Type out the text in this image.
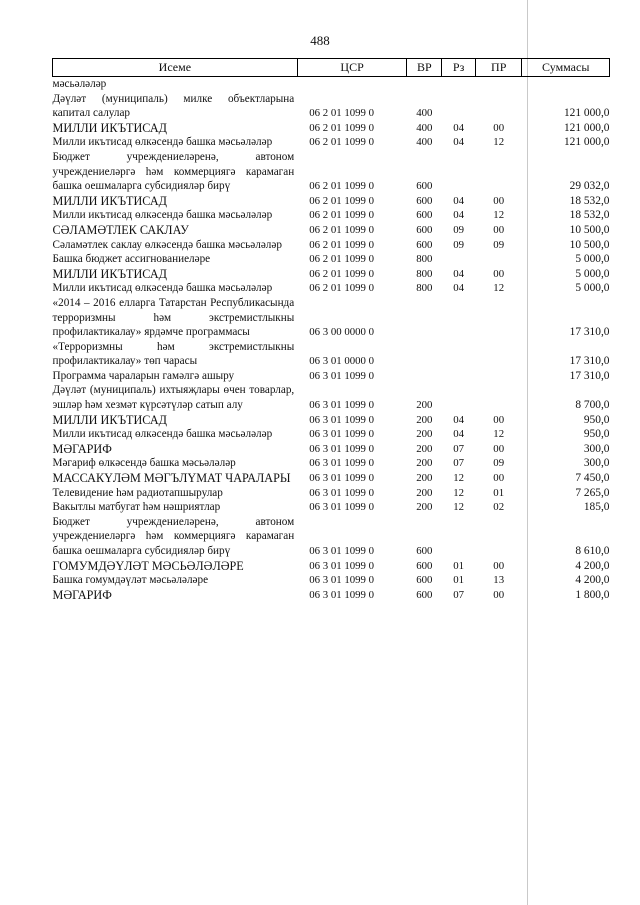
488
Исеме	ЦСР	ВР	Рз	ПР	Суммасы
мәсьәләләр					
Дәүләт (муниципаль) милке объектларына капитал салулар	06 2 01 1099 0	400			121 000,0
МИЛЛИ ИКЪТИСАД	06 2 01 1099 0	400	04	00	121 000,0
Милли икътисад өлкәсендә башка мәсьәләләр	06 2 01 1099 0	400	04	12	121 000,0
Бюджет учреждениеләренә, автоном учреждениеләргә һәм коммерциягә карамаган башка оешмаларга субсидияләр бирү	06 2 01 1099 0	600			29 032,0
МИЛЛИ ИКЪТИСАД	06 2 01 1099 0	600	04	00	18 532,0
Милли икътисад өлкәсендә башка мәсьәләләр	06 2 01 1099 0	600	04	12	18 532,0
СӘЛАМӘТЛЕК САКЛАУ	06 2 01 1099 0	600	09	00	10 500,0
Сәламәтлек саклау өлкәсендә башка мәсьәләләр	06 2 01 1099 0	600	09	09	10 500,0
Башка бюджет ассигнованиеләре	06 2 01 1099 0	800			5 000,0
МИЛЛИ ИКЪТИСАД	06 2 01 1099 0	800	04	00	5 000,0
Милли икътисад өлкәсендә башка мәсьәләләр	06 2 01 1099 0	800	04	12	5 000,0
«2014 – 2016 елларга Татарстан Республикасында терроризмны һәм экстремистлыкны профилактикалау» ярдәмче программасы	06 3 00 0000 0				17 310,0
«Терроризмны һәм экстремистлыкны профилактикалау» төп чарасы	06 3 01 0000 0				17 310,0
Программа чараларын гамәлгә ашыру	06 3 01 1099 0				17 310,0
Дәүләт (муниципаль) ихтыяҗлары өчен товарлар, эшләр һәм хезмәт күрсәтүләр сатып алу	06 3 01 1099 0	200			8 700,0
МИЛЛИ ИКЪТИСАД	06 3 01 1099 0	200	04	00	950,0
Милли икътисад өлкәсендә башка мәсьәләләр	06 3 01 1099 0	200	04	12	950,0
МӘГАРИФ	06 3 01 1099 0	200	07	00	300,0
Мәгариф өлкәсендә башка мәсьәләләр	06 3 01 1099 0	200	07	09	300,0
МАССАКҮЛӘМ МӘГЪЛҮМАТ ЧАРАЛАРЫ	06 3 01 1099 0	200	12	00	7 450,0
Телевидение һәм радиотапшырулар	06 3 01 1099 0	200	12	01	7 265,0
Вакытлы матбугат һәм нәшриятлар	06 3 01 1099 0	200	12	02	185,0
Бюджет учреждениеләренә, автоном учреждениеләргә һәм коммерциягә карамаган башка оешмаларга субсидияләр бирү	06 3 01 1099 0	600			8 610,0
ГОМУМДӘҮЛӘТ МӘСЬӘЛӘЛӘРЕ	06 3 01 1099 0	600	01	00	4 200,0
Башка гомумдәүләт мәсьәләләре	06 3 01 1099 0	600	01	13	4 200,0
МӘГАРИФ	06 3 01 1099 0	600	07	00	1 800,0
